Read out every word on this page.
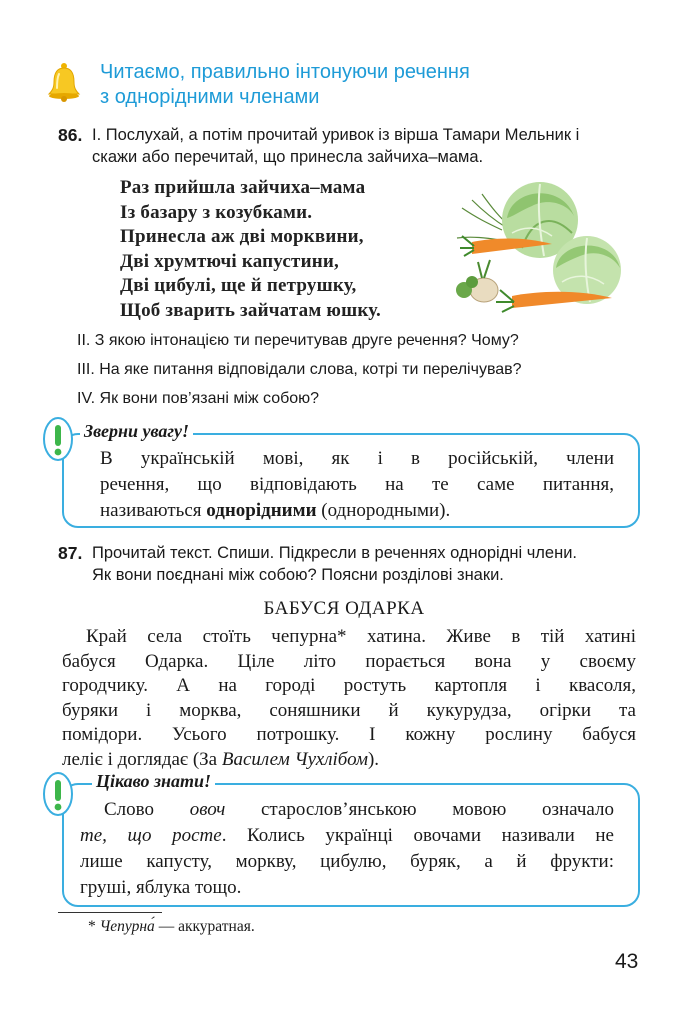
Читаємо, правильно інтонуючи речення
з однорідними членами
86. І. Послухай, а потім прочитай уривок із вірша Тамари Мельник і
скажи або перечитай, що принесла зайчиха–мама.
Раз прийшла зайчиха–мама
Із базару з козубками.
Принесла аж дві морквини,
Дві хрумтючі капустини,
Дві цибулі, ще й петрушку,
Щоб зварить зайчатам юшку.
ІІ. З якою інтонацією ти перечитував друге речення? Чому?
ІІІ. На яке питання відповідали слова, котрі ти перелічував?
IV. Як вони пов’язані між собою?
Зверни увагу!
В українській мові, як і в російській, члени
речення, що відповідають на те саме питання,
називаються однорідними (однородными).
87. Прочитай текст. Спиши. Підкресли в реченнях однорідні члени.
Як вони поєднані між собою? Поясни розділові знаки.
БАБУСЯ ОДАРКА
Край села стоїть чепурна* хатина. Живе в тій хатині
бабуся Одарка. Ціле літо порається вона у своєму
городчику. А на городі ростуть картопля і квасоля,
буряки і морква, соняшники й кукурудза, огірки та
помідори. Усього потрошку. І кожну рослину бабуся
леліє і доглядає (За Василем Чухлібом).
Цікаво знати!
Слово овоч старослов’янською мовою означало
те, що росте. Колись українці овочами називали не
лише капусту, моркву, цибулю, буряк, а й фрукти:
груші, яблука тощо.
* Чепурна́ — аккуратная.
43
